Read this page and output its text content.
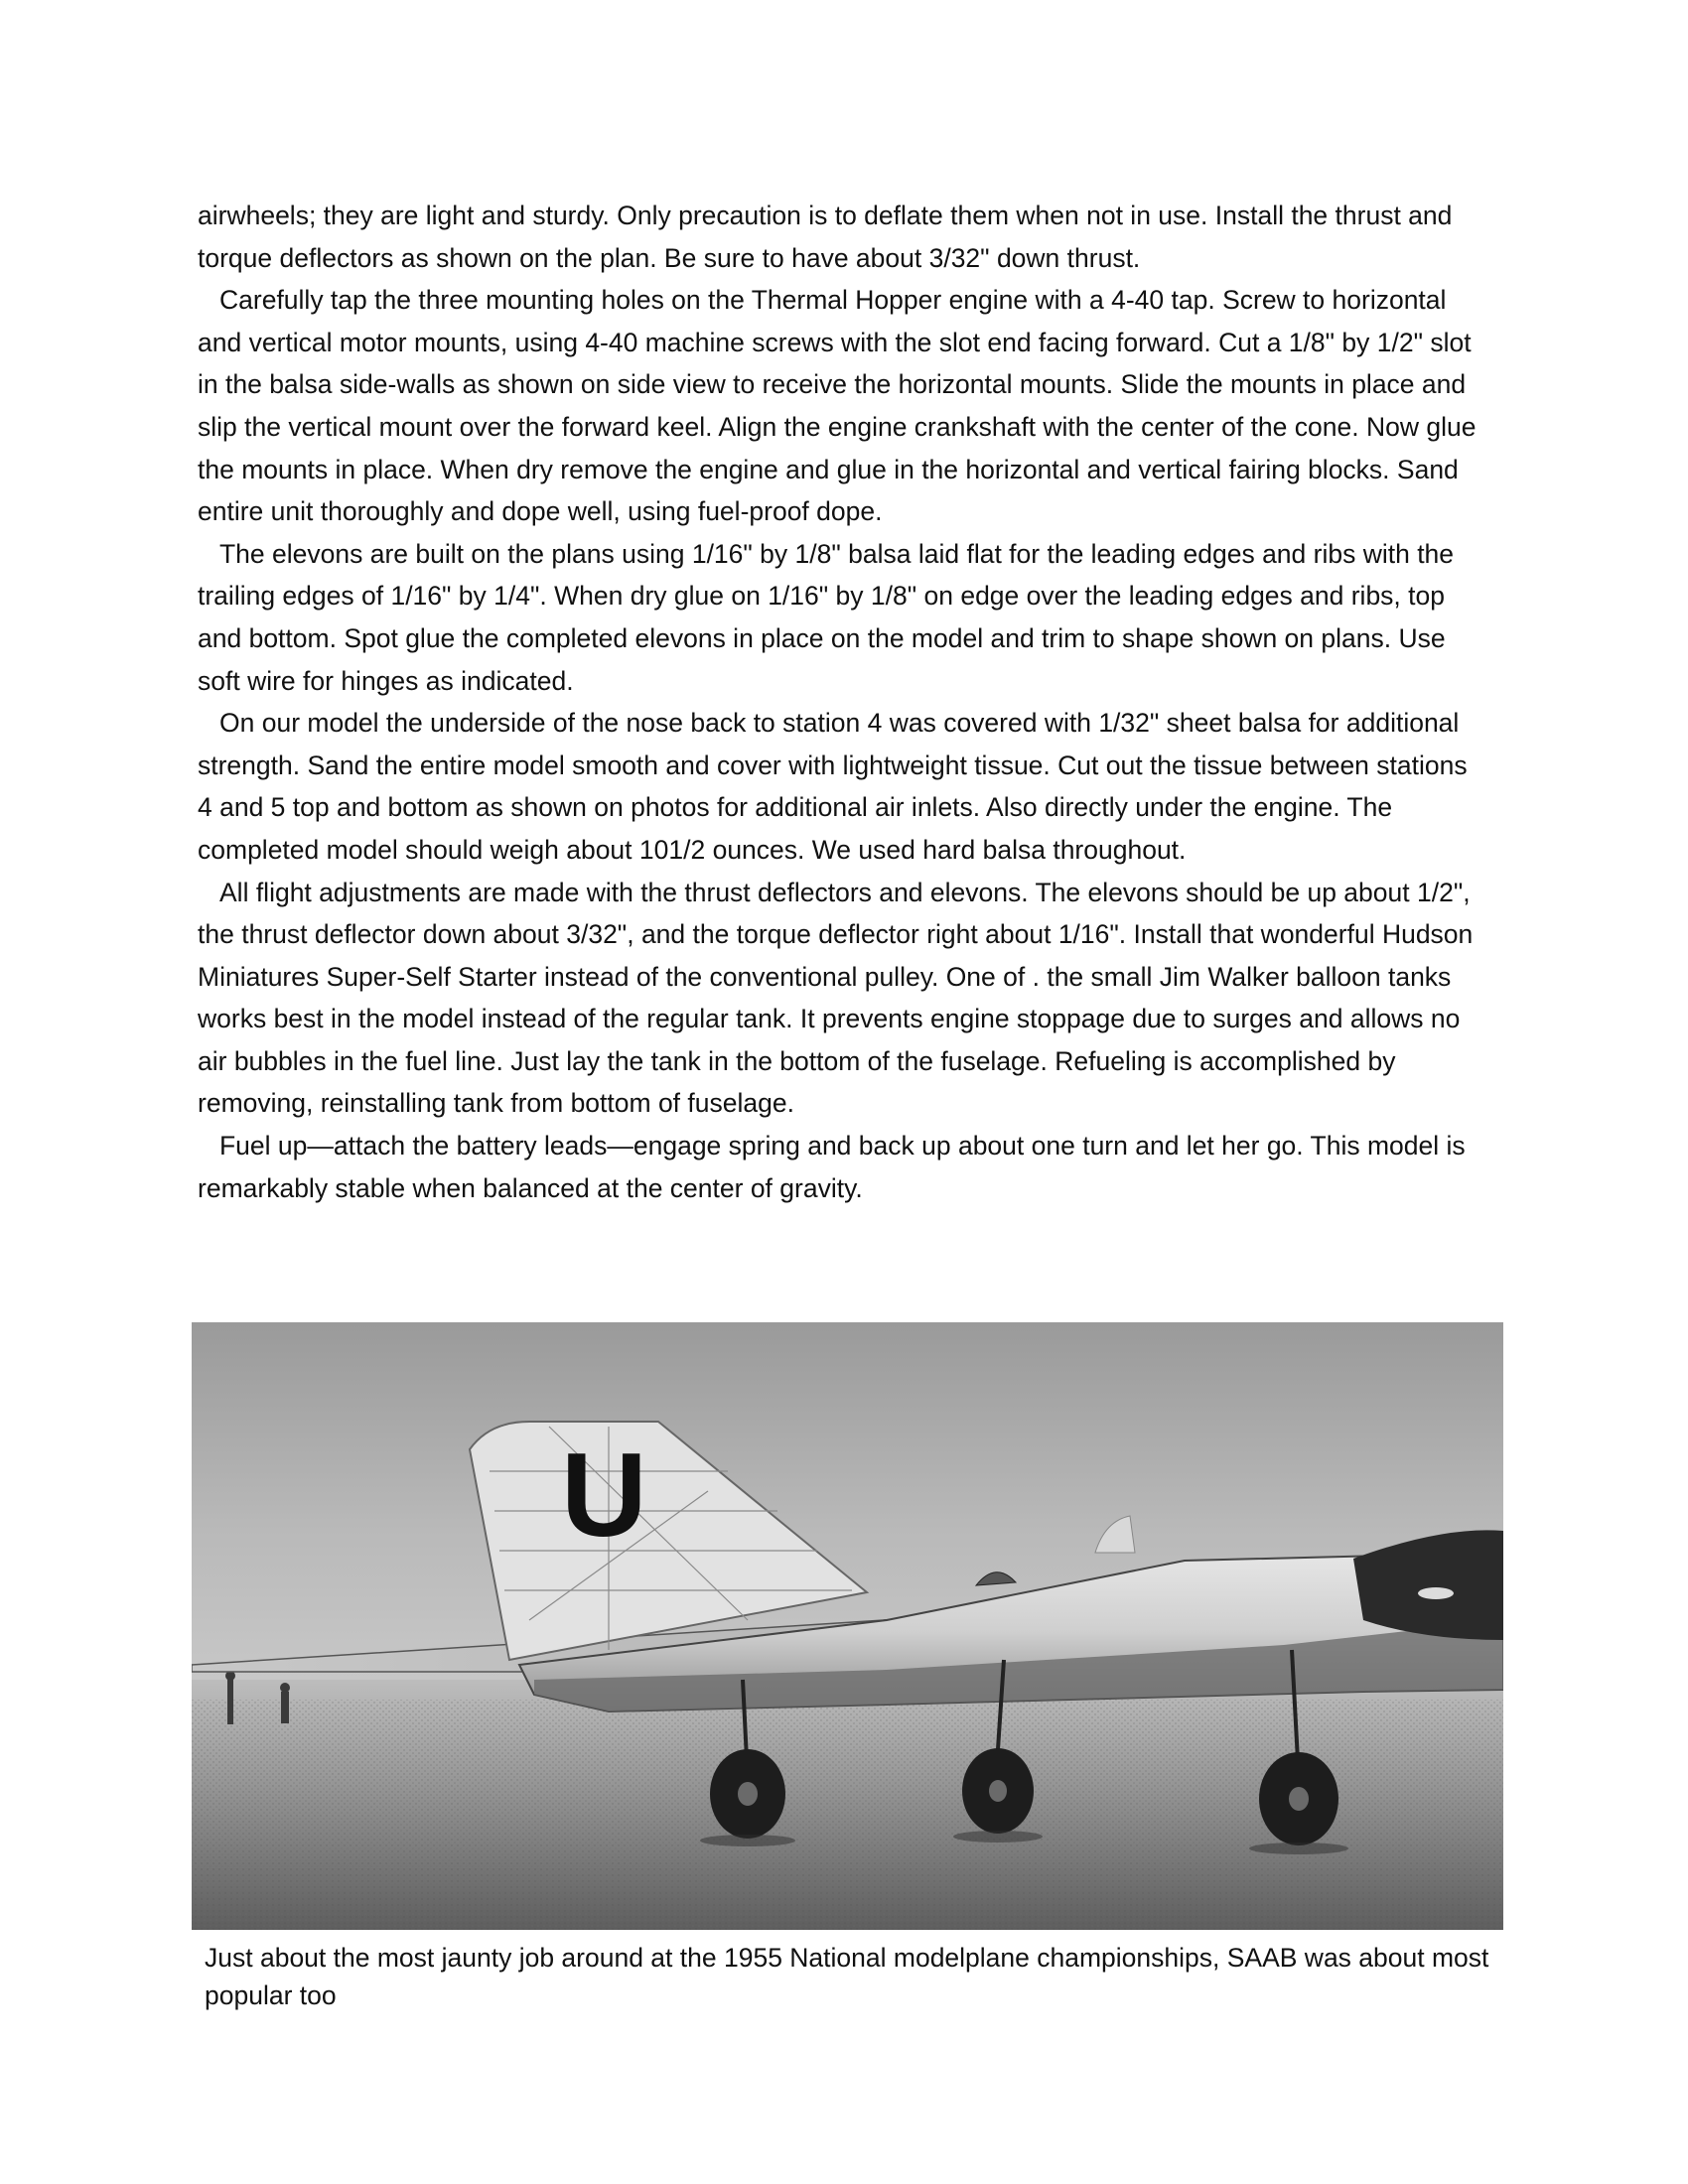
airwheels; they are light and sturdy. Only precaution is to deflate them when not in use. Install the thrust and torque deflectors as shown on the plan. Be sure to have about 3/32" down thrust.

Carefully tap the three mounting holes on the Thermal Hopper engine with a 4-40 tap. Screw to horizontal and vertical motor mounts, using 4-40 machine screws with the slot end facing forward. Cut a 1/8" by 1/2" slot in the balsa side-walls as shown on side view to receive the horizontal mounts. Slide the mounts in place and slip the vertical mount over the forward keel. Align the engine crankshaft with the center of the cone. Now glue the mounts in place. When dry remove the engine and glue in the horizontal and vertical fairing blocks. Sand entire unit thoroughly and dope well, using fuel-proof dope.

The elevons are built on the plans using 1/16" by 1/8" balsa laid flat for the leading edges and ribs with the trailing edges of 1/16" by 1/4". When dry glue on 1/16" by 1/8" on edge over the leading edges and ribs, top and bottom. Spot glue the completed elevons in place on the model and trim to shape shown on plans. Use soft wire for hinges as indicated.

On our model the underside of the nose back to station 4 was covered with 1/32" sheet balsa for additional strength. Sand the entire model smooth and cover with lightweight tissue. Cut out the tissue between stations 4 and 5 top and bottom as shown on photos for additional air inlets. Also directly under the engine. The completed model should weigh about 101/2 ounces. We used hard balsa throughout.

All flight adjustments are made with the thrust deflectors and elevons. The elevons should be up about 1/2", the thrust deflector down about 3/32", and the torque deflector right about 1/16". Install that wonderful Hudson Miniatures Super-Self Starter instead of the conventional pulley. One of . the small Jim Walker balloon tanks works best in the model instead of the regular tank. It prevents engine stoppage due to surges and allows no air bubbles in the fuel line. Just lay the tank in the bottom of the fuselage. Refueling is accomplished by removing, reinstalling tank from bottom of fuselage.

Fuel up—attach the battery leads—engage spring and back up about one turn and let her go. This model is remarkably stable when balanced at the center of gravity.

U
Just about the most jaunty job around at the 1955 National modelplane championships, SAAB was about most popular too
